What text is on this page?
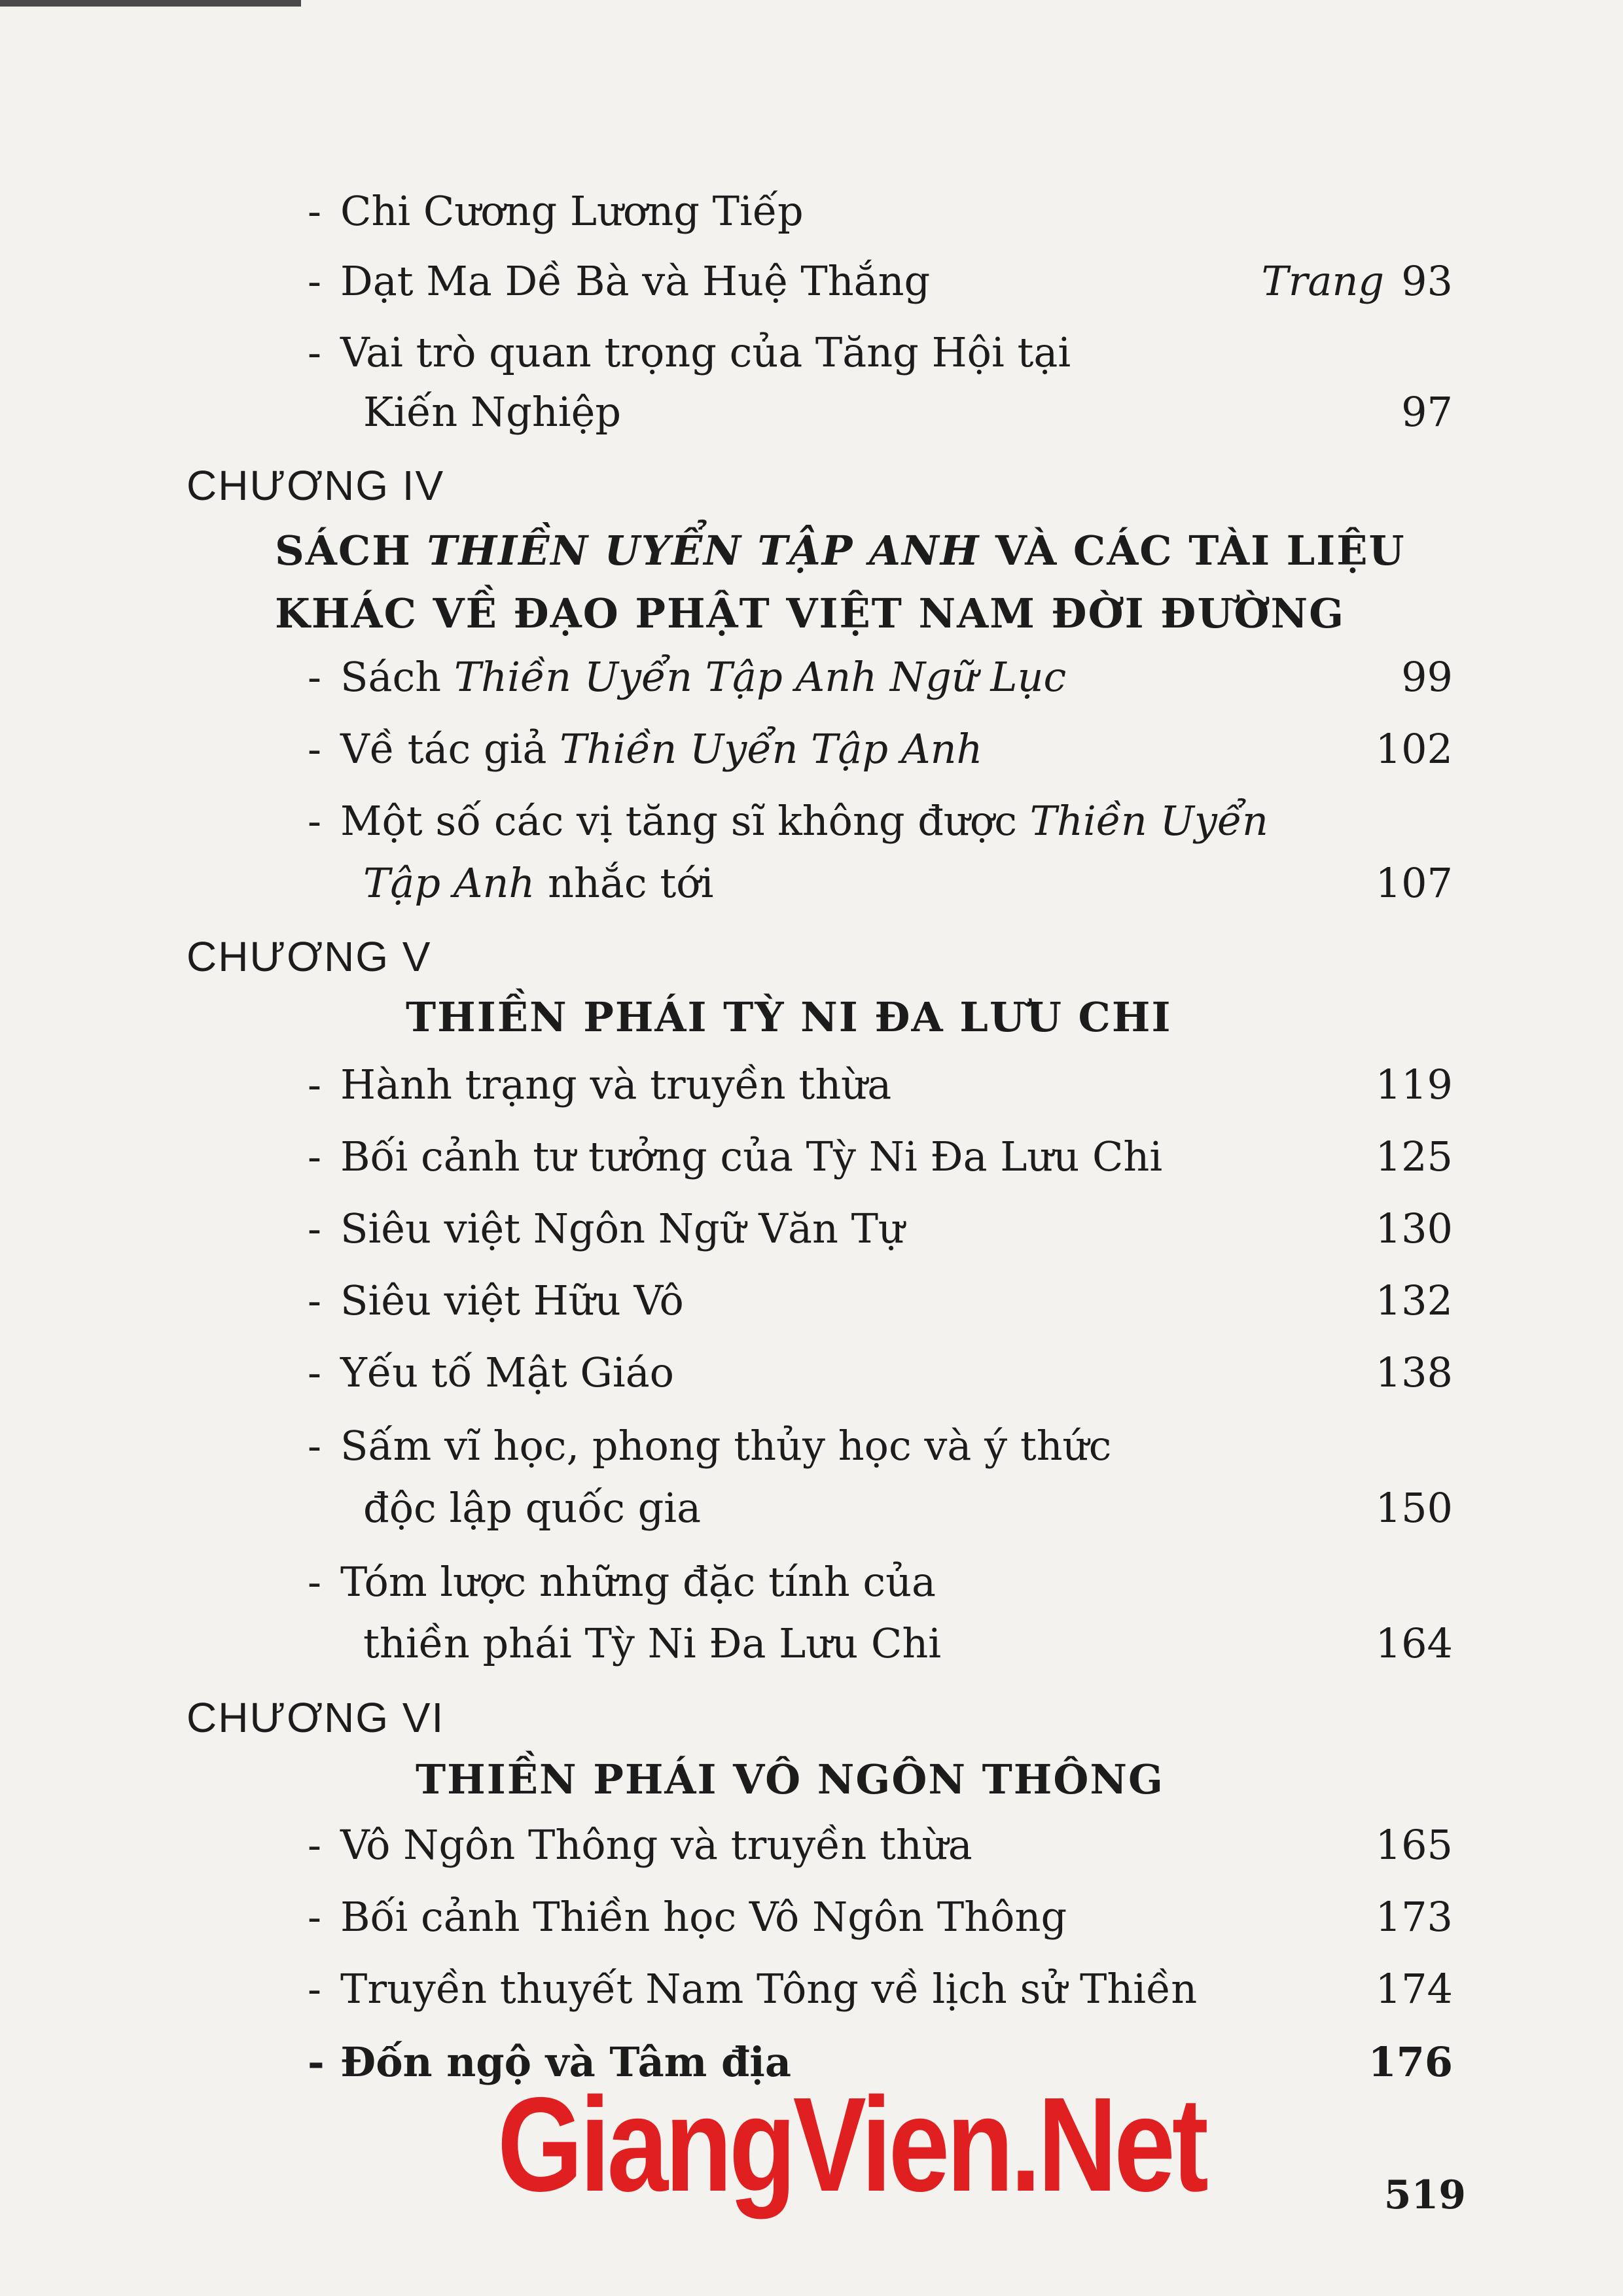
- Chi Cương Lương Tiếp
- Dạt Ma Dề Bà và Huệ Thắng	Trang 93
- Vai trò quan trọng của Tăng Hội tại
Kiến Nghiệp	97
CHƯƠNG IV
SÁCH THIỀN UYỂN TẬP ANH VÀ CÁC TÀI LIỆU
KHÁC VỀ ĐẠO PHẬT VIỆT NAM ĐỜI ĐƯỜNG
- Sách Thiền Uyển Tập Anh Ngữ Lục	99
- Về tác giả Thiền Uyển Tập Anh	102
- Một số các vị tăng sĩ không được Thiền Uyển
Tập Anh nhắc tới	107
CHƯƠNG V
THIỀN PHÁI TỲ NI ĐA LƯU CHI
- Hành trạng và truyền thừa	119
- Bối cảnh tư tưởng của Tỳ Ni Đa Lưu Chi	125
- Siêu việt Ngôn Ngữ Văn Tự	130
- Siêu việt Hữu Vô	132
- Yếu tố Mật Giáo	138
- Sấm vĩ học, phong thủy học và ý thức
độc lập quốc gia	150
- Tóm lược những đặc tính của
thiền phái Tỳ Ni Đa Lưu Chi	164
CHƯƠNG VI
THIỀN PHÁI VÔ NGÔN THÔNG
- Vô Ngôn Thông và truyền thừa	165
- Bối cảnh Thiền học Vô Ngôn Thông	173
- Truyền thuyết Nam Tông về lịch sử Thiền	174
- Đốn ngộ và Tâm địa	176
GiangVien.Net	519
